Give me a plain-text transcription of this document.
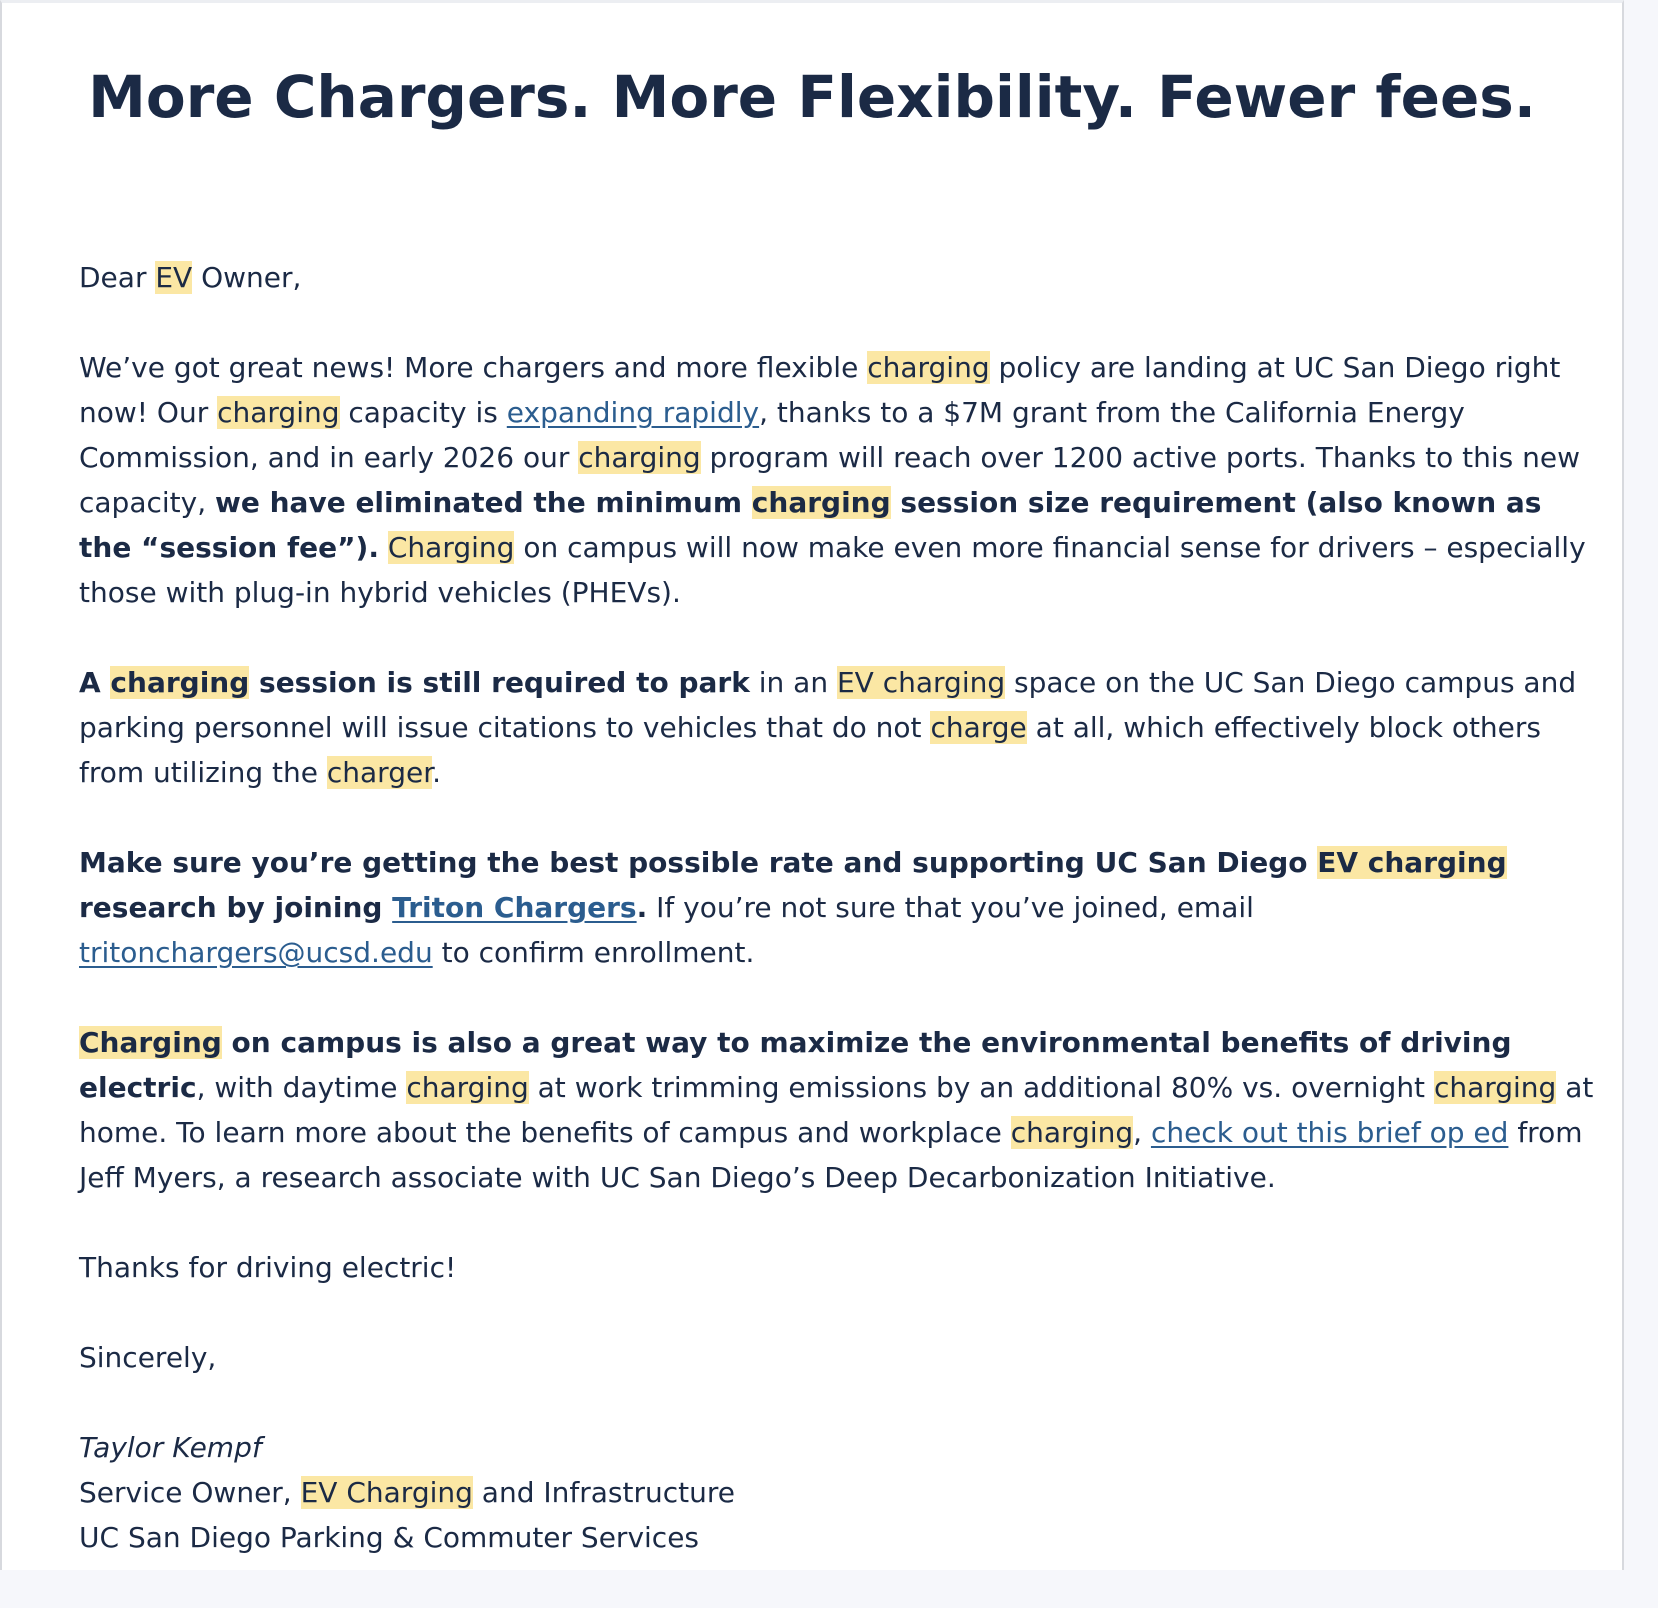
More Chargers. More Flexibility. Fewer fees.

Dear EV Owner,

We’ve got great news! More chargers and more flexible charging policy are landing at UC San Diego right now! Our charging capacity is expanding rapidly, thanks to a $7M grant from the California Energy Commission, and in early 2026 our charging program will reach over 1200 active ports. Thanks to this new capacity, we have eliminated the minimum charging session size requirement (also known as the “session fee”). Charging on campus will now make even more financial sense for drivers – especially those with plug-in hybrid vehicles (PHEVs).

A charging session is still required to park in an EV charging space on the UC San Diego campus and parking personnel will issue citations to vehicles that do not charge at all, which effectively block others from utilizing the charger.

Make sure you’re getting the best possible rate and supporting UC San Diego EV charging research by joining Triton Chargers. If you’re not sure that you’ve joined, email tritonchargers@ucsd.edu to confirm enrollment.

Charging on campus is also a great way to maximize the environmental benefits of driving electric, with daytime charging at work trimming emissions by an additional 80% vs. overnight charging at home. To learn more about the benefits of campus and workplace charging, check out this brief op ed from Jeff Myers, a research associate with UC San Diego’s Deep Decarbonization Initiative.

Thanks for driving electric!

Sincerely,

Taylor Kempf

Service Owner, EV Charging and Infrastructure

UC San Diego Parking & Commuter Services
